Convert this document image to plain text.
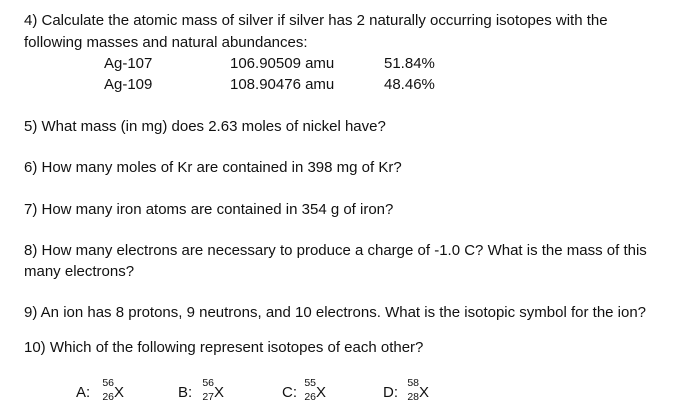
4) Calculate the atomic mass of silver if silver has 2 naturally occurring isotopes with the
following masses and natural abundances:
Ag-107	106.90509 amu	51.84%
Ag-109	108.90476 amu	48.46%
5) What mass (in mg) does 2.63 moles of nickel have?
6) How many moles of Kr are contained in 398 mg of Kr?
7) How many iron atoms are contained in 354 g of iron?
8) How many electrons are necessary to produce a charge of -1.0 C? What is the mass of this
many electrons?
9) An ion has 8 protons, 9 neutrons, and 10 electrons. What is the isotopic symbol for the ion?
10) Which of the following represent isotopes of each other?
A:
56
26 X	B:
56
27 X	C:
55
26 X	D:
58
28 X
